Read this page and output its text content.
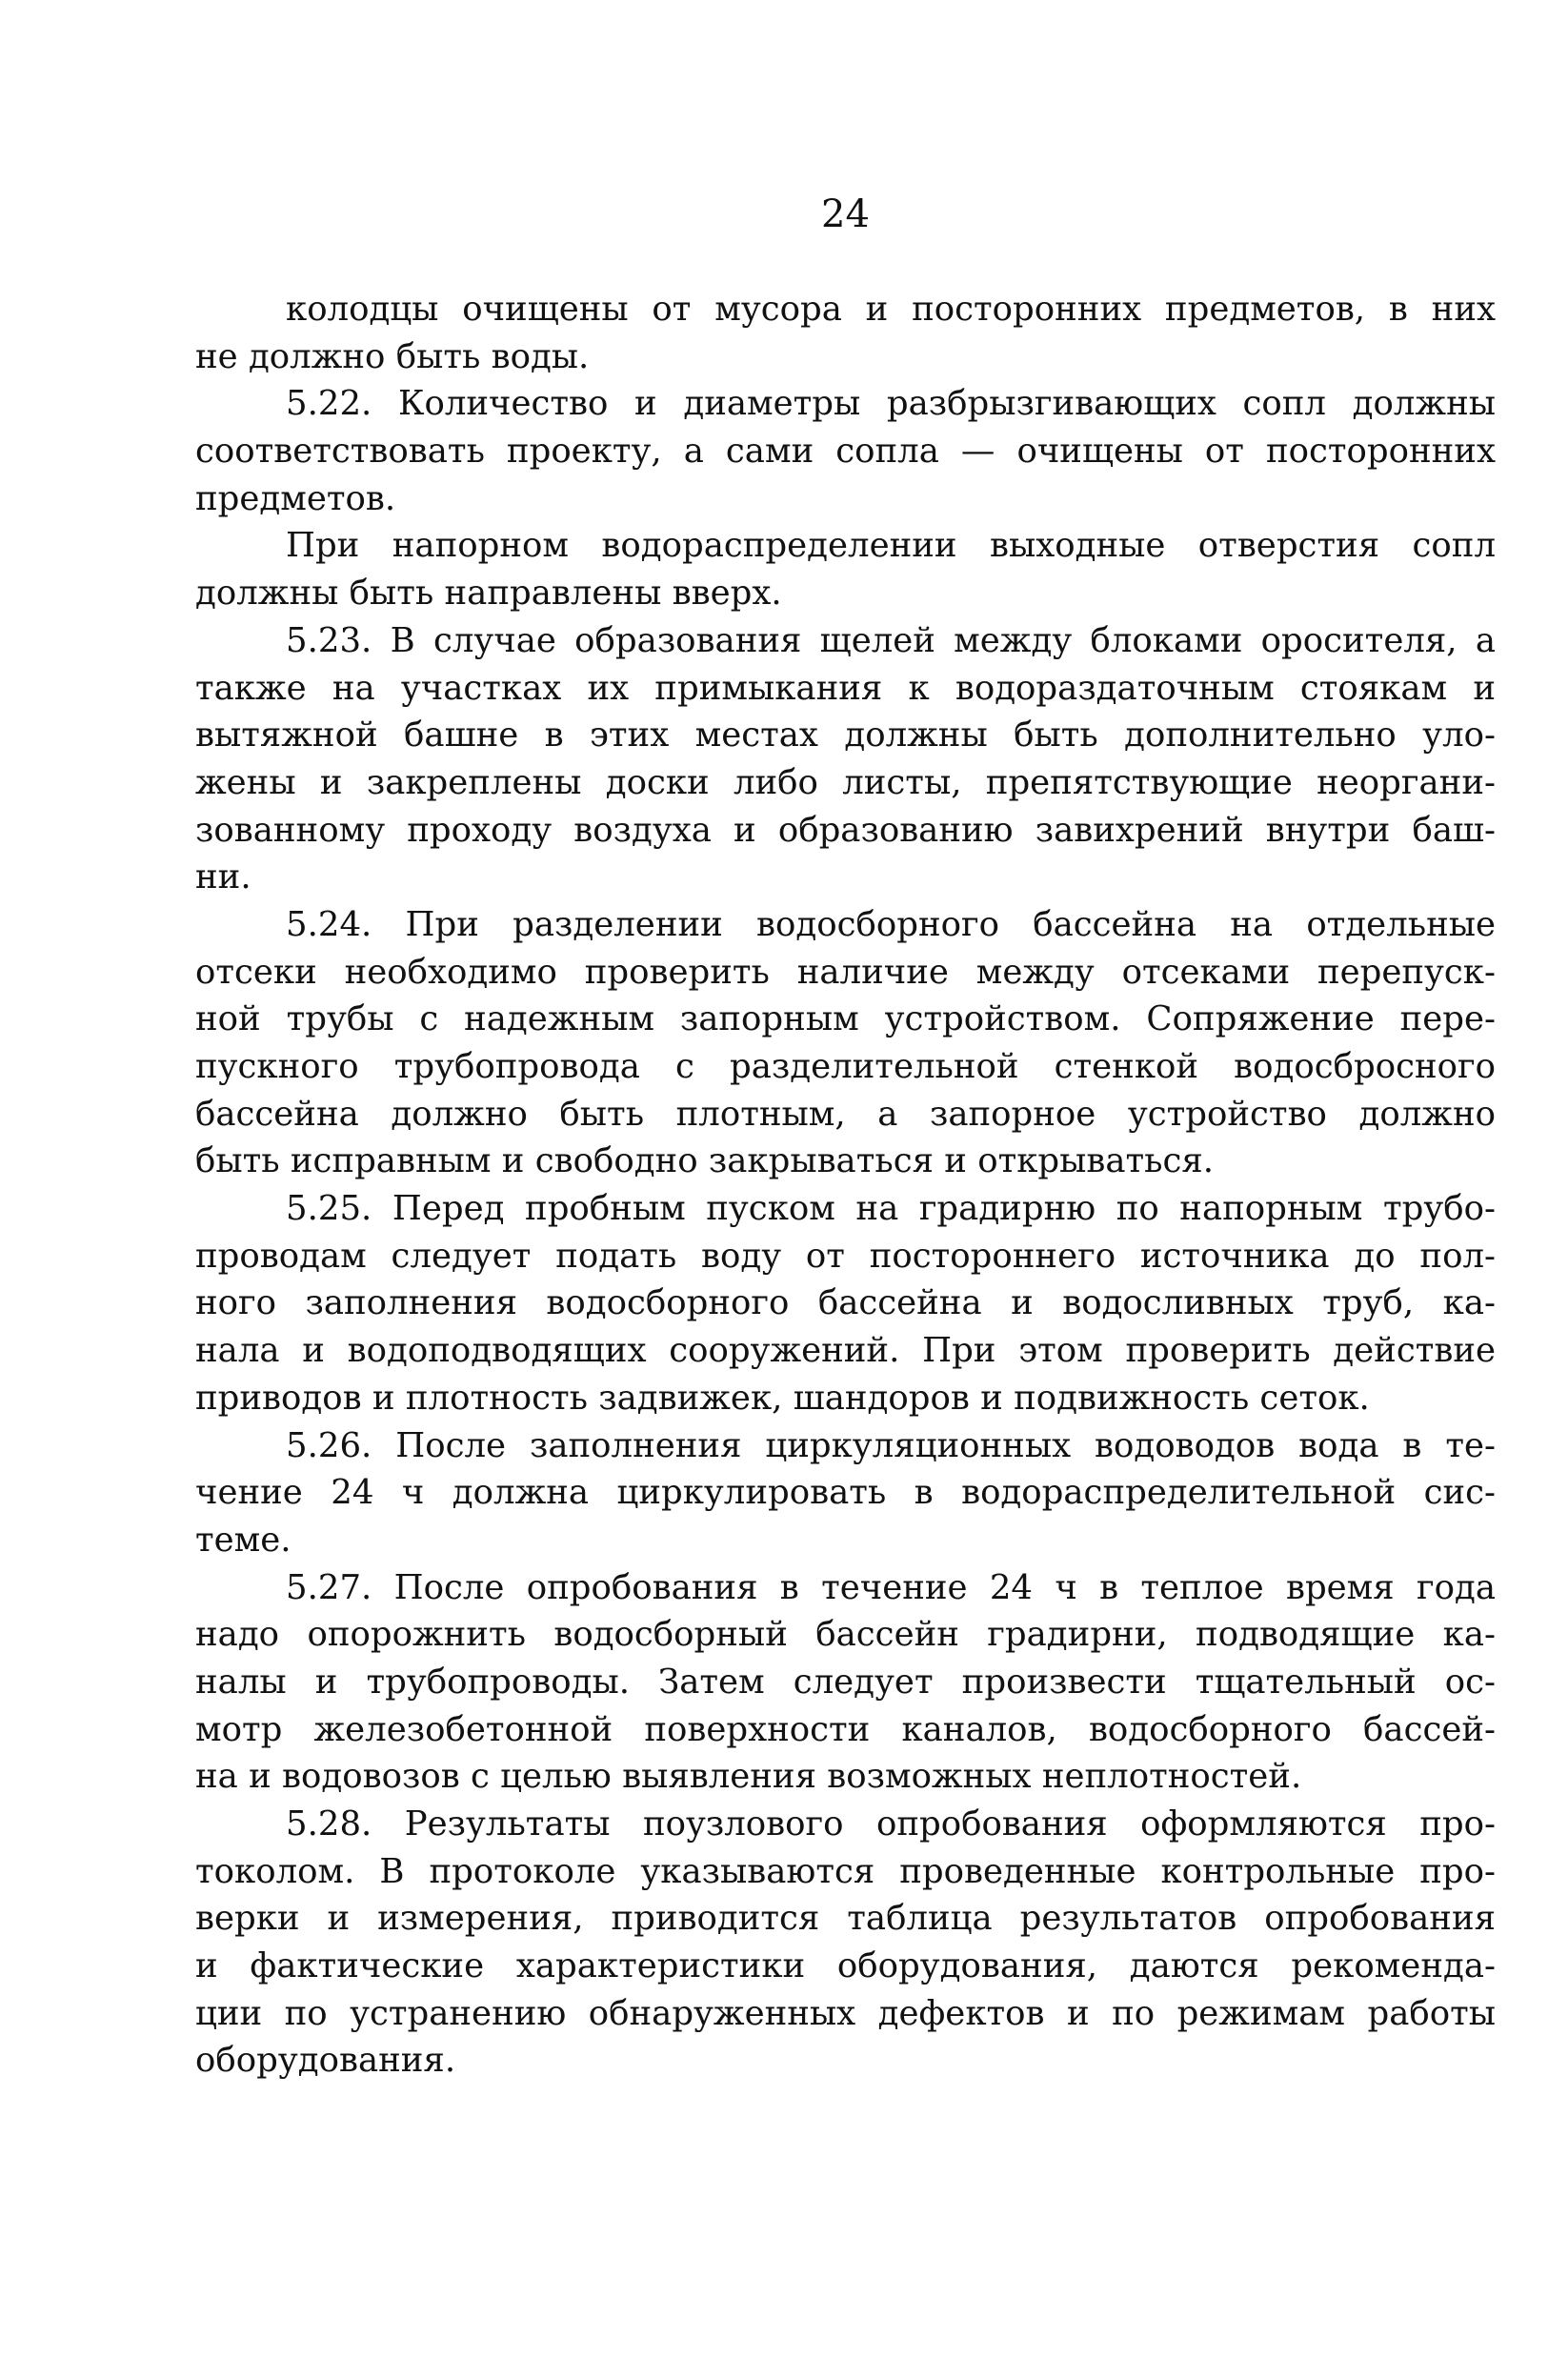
24
колодцы очищены от мусора и посторонних предметов, в них
не должно быть воды.
5.22. Количество и диаметры разбрызгивающих сопл должны
соответствовать проекту, а сами сопла — очищены от посторонних
предметов.
При напорном водораспределении выходные отверстия сопл
должны быть направлены вверх.
5.23. В случае образования щелей между блоками оросителя, а
также на участках их примыкания к водораздаточным стоякам и
вытяжной башне в этих местах должны быть дополнительно уло-
жены и закреплены доски либо листы, препятствующие неоргани-
зованному проходу воздуха и образованию завихрений внутри баш-
ни.
5.24. При разделении водосборного бассейна на отдельные
отсеки необходимо проверить наличие между отсеками перепуск-
ной трубы с надежным запорным устройством. Сопряжение пере-
пускного трубопровода с разделительной стенкой водосбросного
бассейна должно быть плотным, а запорное устройство должно
быть исправным и свободно закрываться и открываться.
5.25. Перед пробным пуском на градирню по напорным трубо-
проводам следует подать воду от постороннего источника до пол-
ного заполнения водосборного бассейна и водосливных труб, ка-
нала и водоподводящих сооружений. При этом проверить действие
приводов и плотность задвижек, шандоров и подвижность сеток.
5.26. После заполнения циркуляционных водоводов вода в те-
чение 24 ч должна циркулировать в водораспределительной сис-
теме.
5.27. После опробования в течение 24 ч в теплое время года
надо опорожнить водосборный бассейн градирни, подводящие ка-
налы и трубопроводы. Затем следует произвести тщательный ос-
мотр железобетонной поверхности каналов, водосборного бассей-
на и водовозов с целью выявления возможных неплотностей.
5.28. Результаты поузлового опробования оформляются про-
токолом. В протоколе указываются проведенные контрольные про-
верки и измерения, приводится таблица результатов опробования
и фактические характеристики оборудования, даются рекоменда-
ции по устранению обнаруженных дефектов и по режимам работы
оборудования.
